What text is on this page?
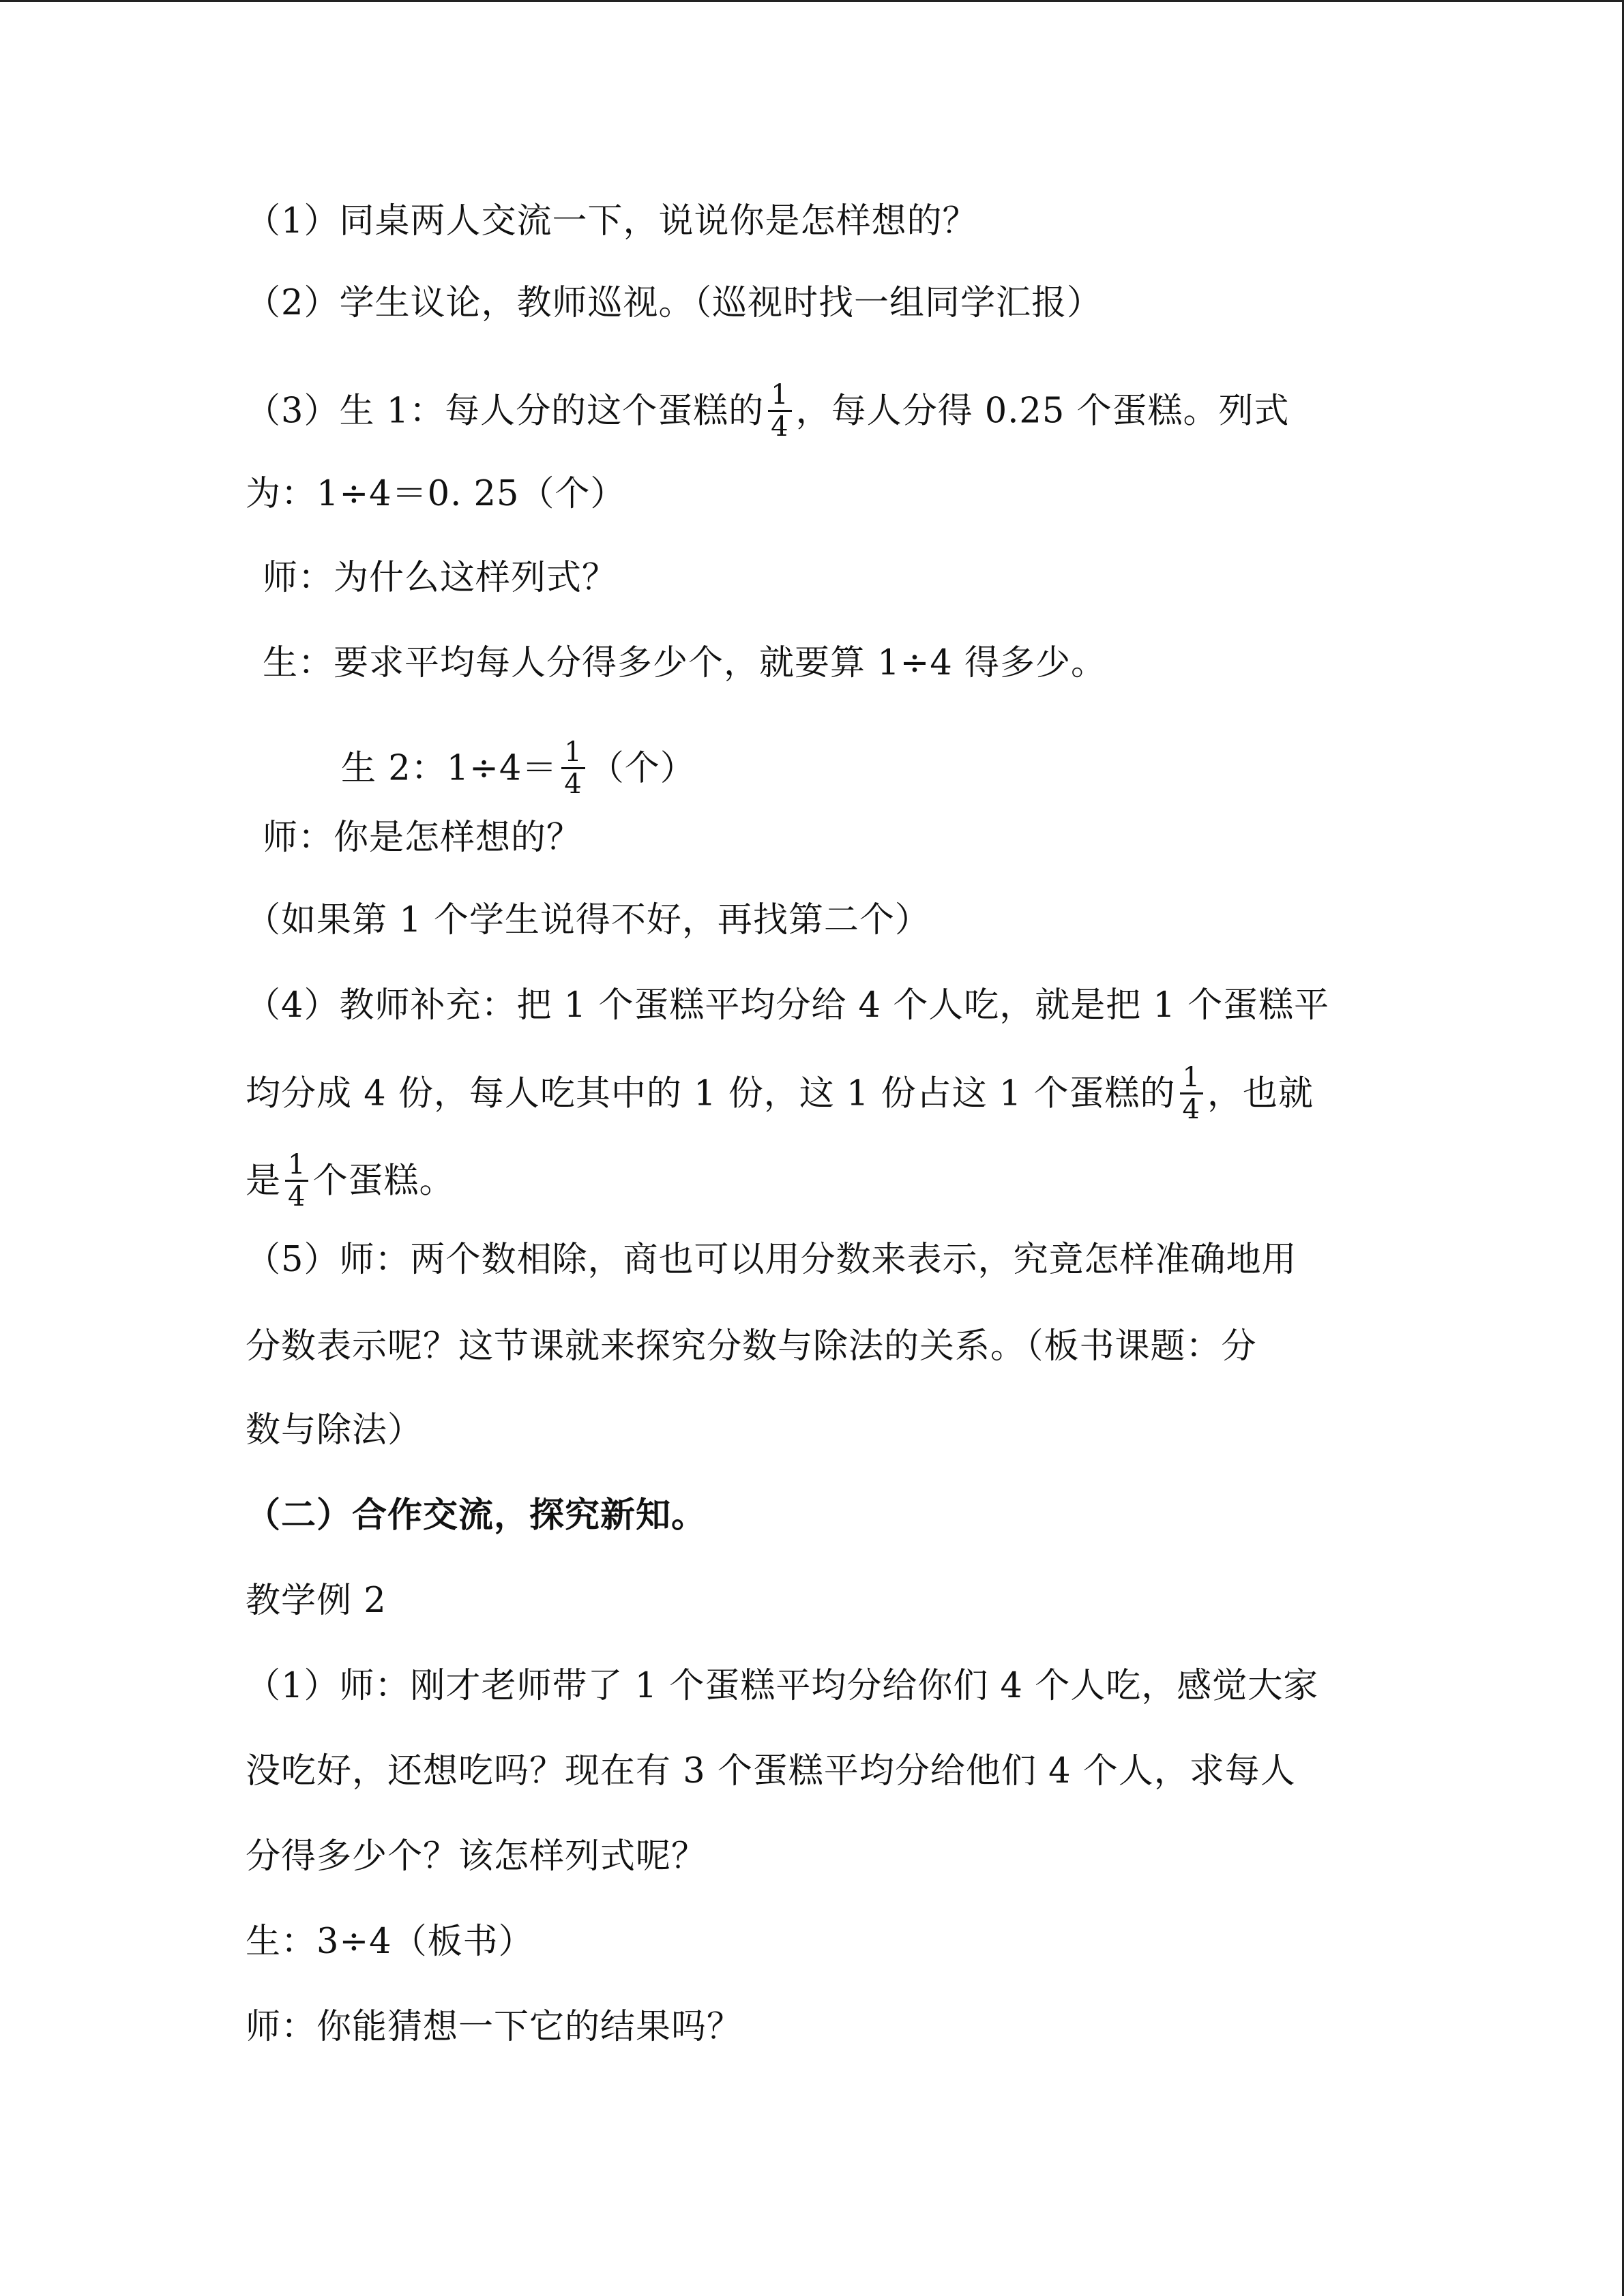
（1）同桌两人交流一下，说说你是怎样想的？
（2）学生议论，教师巡视。（巡视时找一组同学汇报）
（3）生 1：每人分的这个蛋糕的 $\frac{1}{4}$ ，每人分得 0.25 个蛋糕。列式
为：1÷4＝0. 25（个）
师：为什么这样列式？
生：要求平均每人分得多少个，就要算 1÷4 得多少。
生 2：$1\div 4= \frac{1}{4}$ （个）
师：你是怎样想的？
（如果第 1 个学生说得不好，再找第二个）
（4）教师补充：把 1 个蛋糕平均分给 4 个人吃，就是把 1 个蛋糕平
均分成 4 份，每人吃其中的 1 份，这 1 份占这 1 个蛋糕的 $\frac{1}{4}$ ，也就
是 $\frac{1}{4}$ 个蛋糕。
（5）师：两个数相除，商也可以用分数来表示，究竟怎样准确地用
分数表示呢？这节课就来探究分数与除法的关系。（板书课题：分
数与除法）
（二）合作交流，探究新知。
教学例 2
（1）师：刚才老师带了 1 个蛋糕平均分给你们 4 个人吃，感觉大家
没吃好，还想吃吗？现在有 3 个蛋糕平均分给他们 4 个人，求每人
分得多少个？该怎样列式呢？
生：3÷4（板书）
师：你能猜想一下它的结果吗？
